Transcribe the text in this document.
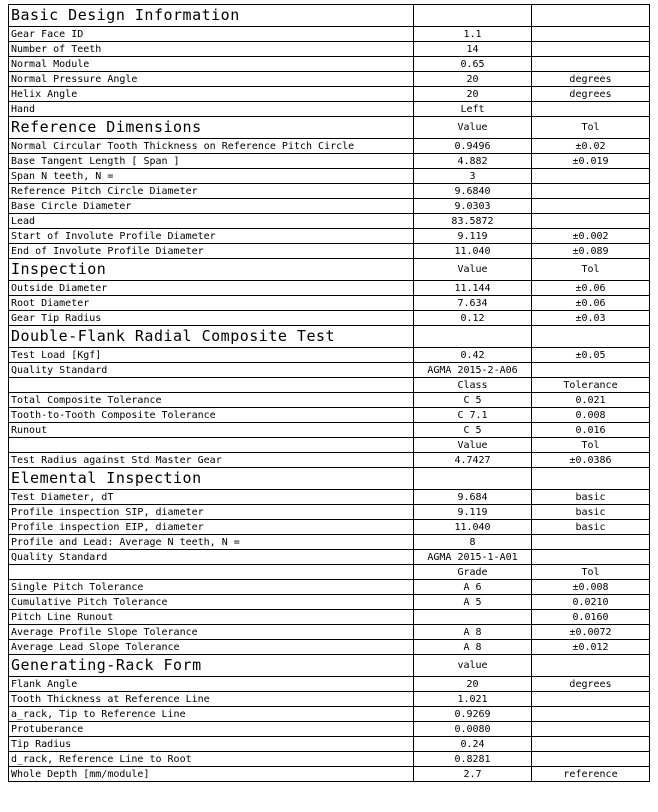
Basic Design Information		
Gear Face ID	1.1	
Number of Teeth	14	
Normal Module	0.65	
Normal Pressure Angle	20	degrees
Helix Angle	20	degrees
Hand	Left	
Reference Dimensions	Value	Tol
Normal Circular Tooth Thickness on Reference Pitch Circle	0.9496	±0.02
Base Tangent Length [ Span ]	4.882	±0.019
Span N teeth, N =	3	
Reference Pitch Circle Diameter	9.6840	
Base Circle Diameter	9.0303	
Lead	83.5872	
Start of Involute Profile Diameter	9.119	±0.002
End of Involute Profile Diameter	11.040	±0.089
Inspection	Value	Tol
Outside Diameter	11.144	±0.06
Root Diameter	7.634	±0.06
Gear Tip Radius	0.12	±0.03
Double-Flank Radial Composite Test		
Test Load [Kgf]	0.42	±0.05
Quality Standard	AGMA 2015-2-A06	
	Class	Tolerance
Total Composite Tolerance	C 5	0.021
Tooth-to-Tooth Composite Tolerance	C 7.1	0.008
Runout	C 5	0.016
	Value	Tol
Test Radius against Std Master Gear	4.7427	±0.0386
Elemental Inspection		
Test Diameter, dT	9.684	basic
Profile inspection SIP, diameter	9.119	basic
Profile inspection EIP, diameter	11.040	basic
Profile and Lead: Average N teeth, N =	8	
Quality Standard	AGMA 2015-1-A01	
	Grade	Tol
Single Pitch Tolerance	A 6	±0.008
Cumulative Pitch Tolerance	A 5	0.0210
Pitch Line Runout		0.0160
Average Profile Slope Tolerance	A 8	±0.0072
Average Lead Slope Tolerance	A 8	±0.012
Generating-Rack Form	value	
Flank Angle	20	degrees
Tooth Thickness at Reference Line	1.021	
a_rack, Tip to Reference Line	0.9269	
Protuberance	0.0080	
Tip Radius	0.24	
d_rack, Reference Line to Root	0.8281	
Whole Depth [mm/module]	2.7	reference
